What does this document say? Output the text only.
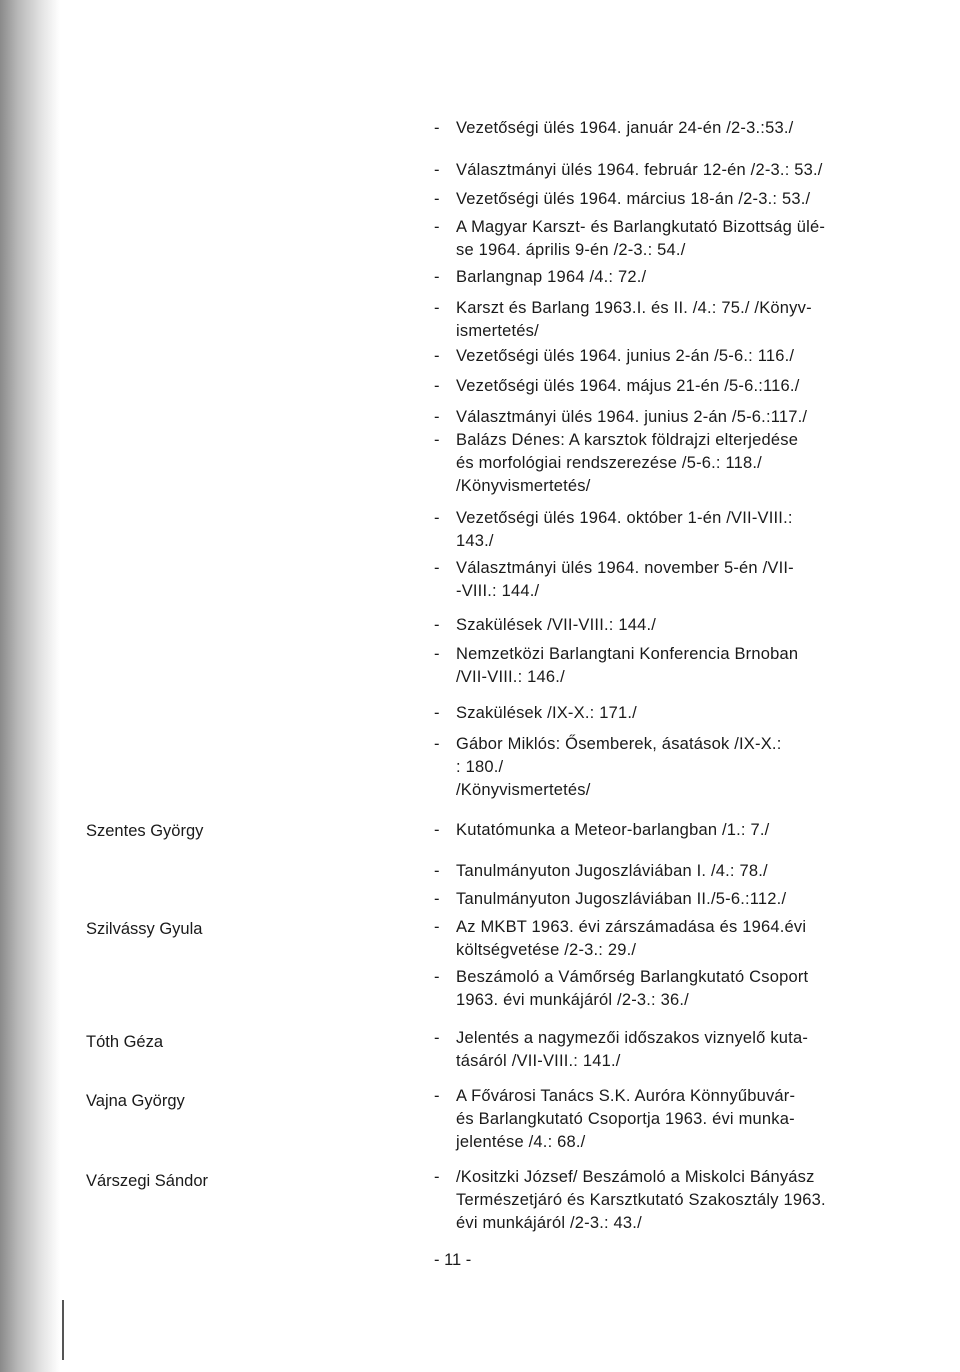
- Vezetőségi ülés 1964. január 24-én /2-3.:53./
- Választmányi ülés 1964. február 12-én /2-3.: 53./
- Vezetőségi ülés 1964. március 18-án /2-3.: 53./
- A Magyar Karszt- és Barlangkutató Bizottság ülé-
se 1964. április 9-én /2-3.: 54./
- Barlangnap 1964 /4.: 72./
- Karszt és Barlang 1963.I. és II. /4.: 75./ /Könyv-
ismertetés/
- Vezetőségi ülés 1964. junius 2-án /5-6.: 116./
- Vezetőségi ülés 1964. május 21-én /5-6.:116./
- Választmányi ülés 1964. junius 2-án /5-6.:117./
- Balázs Dénes: A karsztok földrajzi elterjedése
és morfológiai rendszerezése /5-6.: 118./
/Könyvismertetés/
- Vezetőségi ülés 1964. október 1-én /VII-VIII.:
143./
- Választmányi ülés 1964. november 5-én /VII-
-VIII.: 144./
- Szakülések /VII-VIII.: 144./
- Nemzetközi Barlangtani Konferencia Brnoban
/VII-VIII.: 146./
- Szakülések /IX-X.: 171./
- Gábor Miklós: Ősemberek, ásatások /IX-X.:
: 180./
/Könyvismertetés/
- Kutatómunka a Meteor-barlangban /1.: 7./
- Tanulmányuton Jugoszláviában I. /4.: 78./
- Tanulmányuton Jugoszláviában II./5-6.:112./
- Az MKBT 1963. évi zárszámadása és 1964.évi
költségvetése /2-3.: 29./
- Beszámoló a Vámőrség Barlangkutató Csoport
1963. évi munkájáról /2-3.: 36./
- Jelentés a nagymezői időszakos viznyelő kuta-
tásáról /VII-VIII.: 141./
- A Fővárosi Tanács S.K. Auróra Könnyűbuvár-
és Barlangkutató Csoportja 1963. évi munka-
jelentése /4.: 68./
- /Kositzki József/ Beszámoló a Miskolci Bányász
Természetjáró és Karsztkutató Szakosztály 1963.
évi munkájáról /2-3.: 43./
Szentes György
Szilvássy Gyula
Tóth Géza
Vajna György
Várszegi Sándor
- 11 -
